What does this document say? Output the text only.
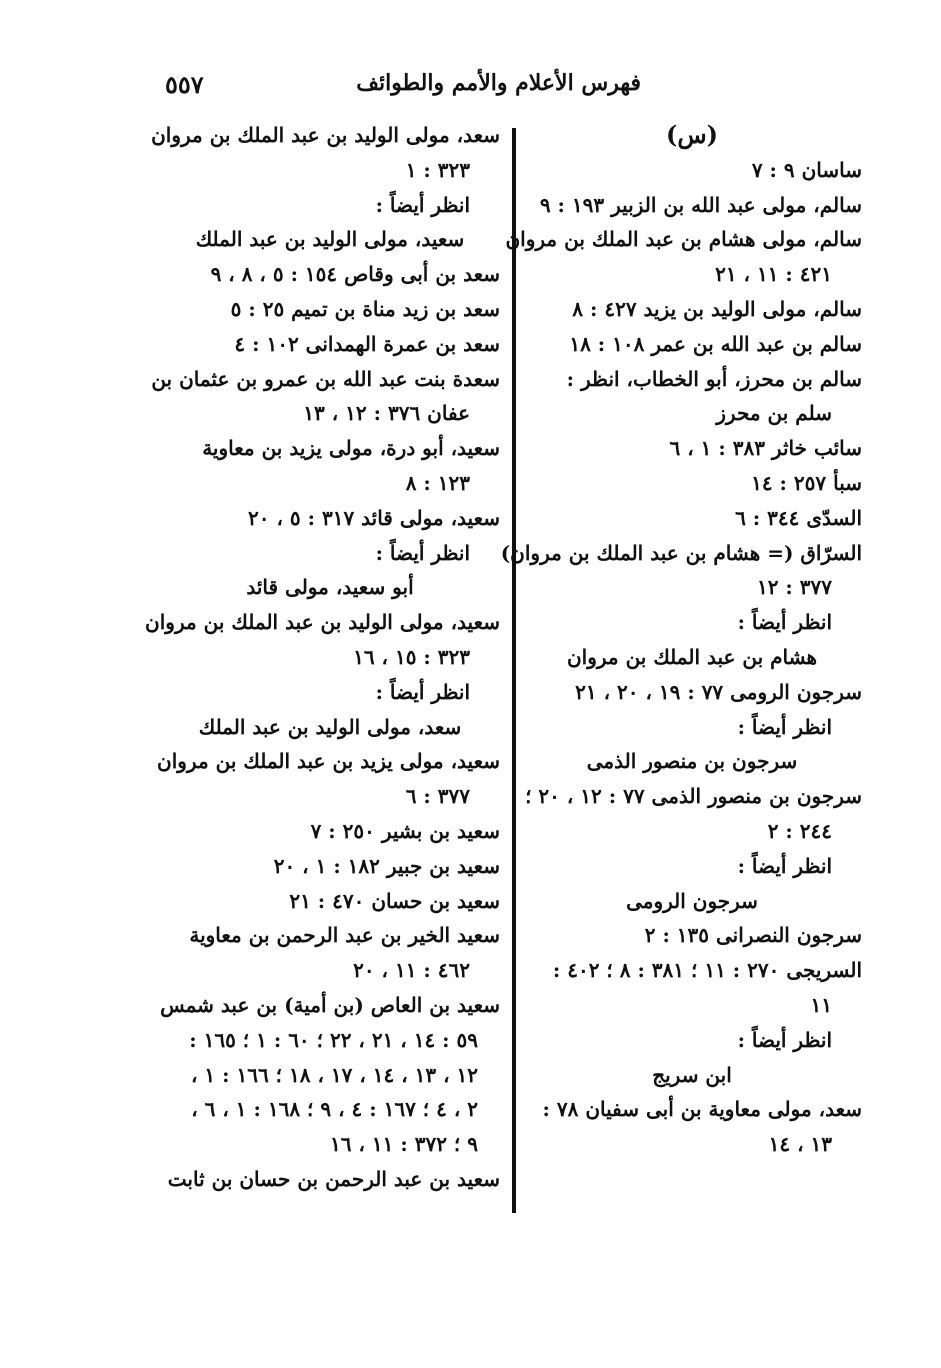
٥٥٧	فهرس الأعلام والأمم والطوائف
(س)
ساسان ٩ : ٧
سالم، مولى عبد الله بن الزبير ١٩٣ : ٩
سالم، مولى هشام بن عبد الملك بن مروان
٤٢١ : ١١ ، ٢١
سالم، مولى الوليد بن يزيد ٤٢٧ : ٨
سالم بن عبد الله بن عمر ١٠٨ : ١٨
سالم بن محرز، أبو الخطاب، انظر :
سلم بن محرز
سائب خاثر ٣٨٣ : ١ ، ٦
سبأ ٢٥٧ : ١٤
السدّى ٣٤٤ : ٦
السرّاق (= هشام بن عبد الملك بن مروان)
٣٧٧ : ١٢
انظر أيضاً :
هشام بن عبد الملك بن مروان
سرجون الرومى ٧٧ : ١٩ ، ٢٠ ، ٢١
انظر أيضاً :
سرجون بن منصور الذمى
سرجون بن منصور الذمى ٧٧ : ١٢ ، ٢٠ ؛
٢٤٤ : ٢
انظر أيضاً :
سرجون الرومى
سرجون النصرانى ١٣٥ : ٢
السريجى ٢٧٠ : ١١ ؛ ٣٨١ : ٨ ؛ ٤٠٢ :
١١
انظر أيضاً :
ابن سريج
سعد، مولى معاوية بن أبى سفيان ٧٨ :
١٣ ، ١٤
سعد، مولى الوليد بن عبد الملك بن مروان
٣٢٣ : ١
انظر أيضاً :
سعيد، مولى الوليد بن عبد الملك
سعد بن أبى وقاص ١٥٤ : ٥ ، ٨ ، ٩
سعد بن زيد مناة بن تميم ٢٥ : ٥
سعد بن عمرة الهمدانى ١٠٢ : ٤
سعدة بنت عبد الله بن عمرو بن عثمان بن
عفان ٣٧٦ : ١٢ ، ١٣
سعيد، أبو درة، مولى يزيد بن معاوية
١٢٣ : ٨
سعيد، مولى قائد ٣١٧ : ٥ ، ٢٠
انظر أيضاً :
أبو سعيد، مولى قائد
سعيد، مولى الوليد بن عبد الملك بن مروان
٣٢٣ : ١٥ ، ١٦
انظر أيضاً :
سعد، مولى الوليد بن عبد الملك
سعيد، مولى يزيد بن عبد الملك بن مروان
٣٧٧ : ٦
سعيد بن بشير ٢٥٠ : ٧
سعيد بن جبير ١٨٢ : ١ ، ٢٠
سعيد بن حسان ٤٧٠ : ٢١
سعيد الخير بن عبد الرحمن بن معاوية
٤٦٢ : ١١ ، ٢٠
سعيد بن العاص (بن أمية) بن عبد شمس
٥٩ : ١٤ ، ٢١ ، ٢٢ ؛ ٦٠ : ١ ؛ ١٦٥ :
١٢ ، ١٣ ، ١٤ ، ١٧ ، ١٨ ؛ ١٦٦ : ١ ،
٢ ، ٤ ؛ ١٦٧ : ٤ ، ٩ ؛ ١٦٨ : ١ ، ٦ ،
٩ ؛ ٣٧٢ : ١١ ، ١٦
سعيد بن عبد الرحمن بن حسان بن ثابت
